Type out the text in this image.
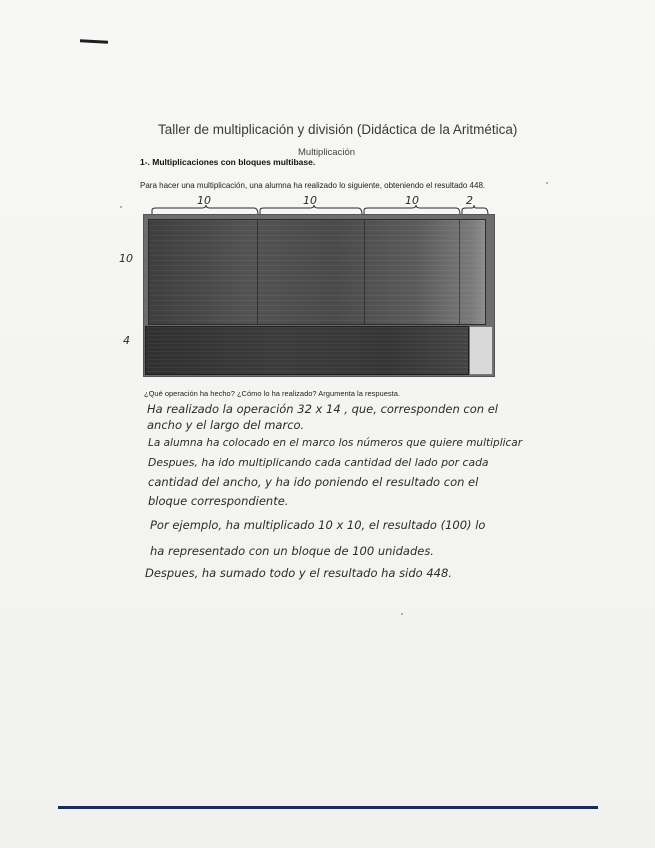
Taller de multiplicación y división (Didáctica de la Aritmética)
Multiplicación
1-. Multiplicaciones con bloques multibase.
Para hacer una multiplicación, una alumna ha realizado lo siguiente, obteniendo el resultado 448.
10	10	10	2
10
4
¿Qué operación ha hecho? ¿Cómo lo ha realizado? Argumenta la respuesta.
Ha realizado la operación 32 x 14 , que, corresponden con el
ancho y el largo del marco.
La alumna ha colocado en el marco los números que quiere multiplicar
Despues, ha ido multiplicando cada cantidad del lado por cada
cantidad del ancho, y ha ido poniendo el resultado con el
bloque correspondiente.
Por ejemplo, ha multiplicado 10 x 10, el resultado (100) lo
ha representado con un bloque de 100 unidades.
Despues, ha sumado todo y el resultado ha sido 448.
